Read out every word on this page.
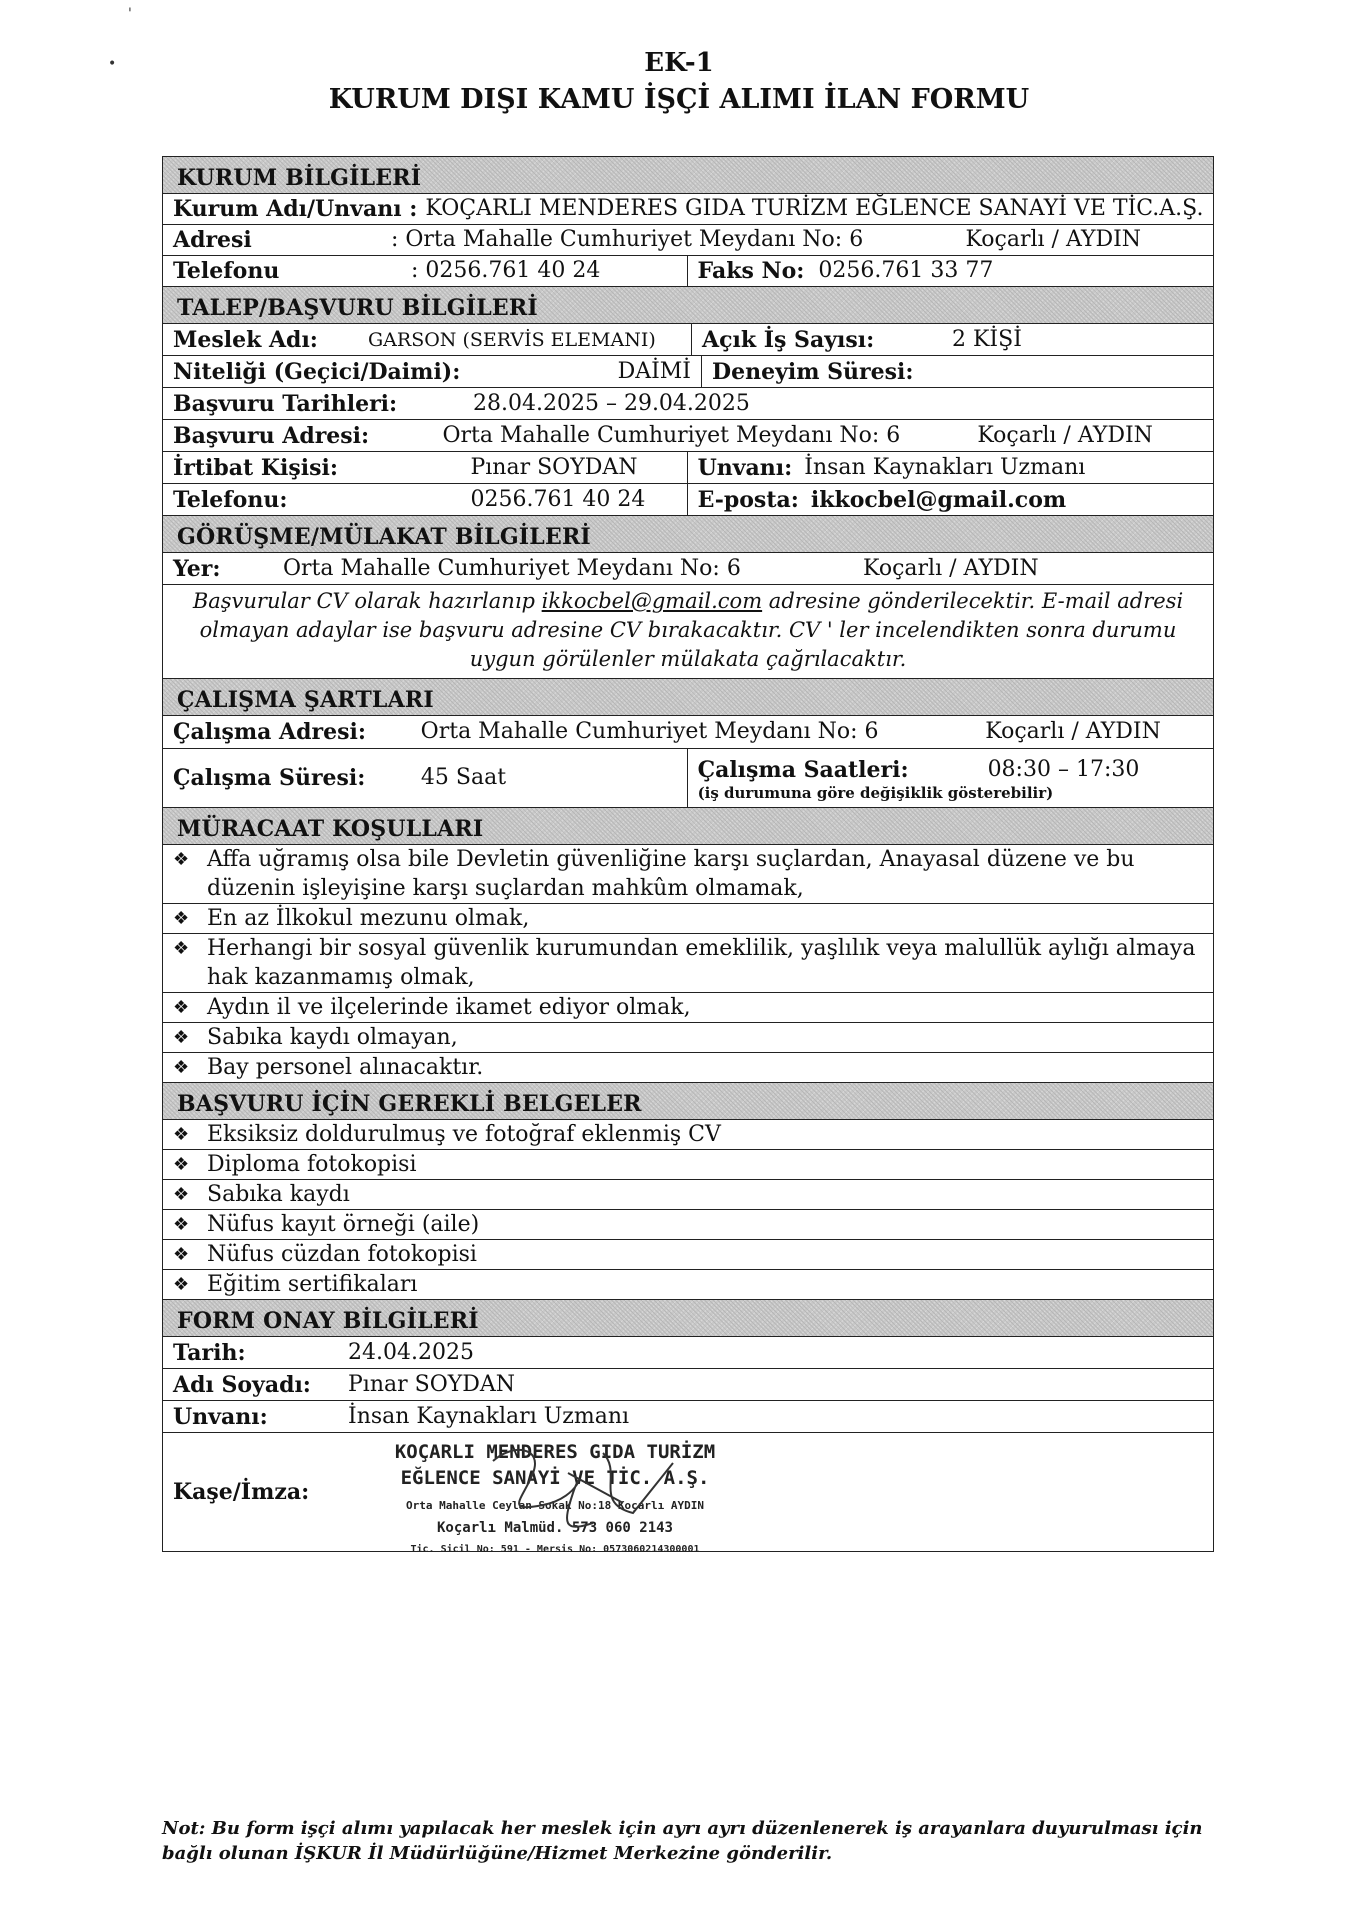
EK-1
KURUM DIŞI KAMU İŞÇİ ALIMI İLAN FORMU
KURUM BİLGİLERİ
Kurum Adı/Unvanı : KOÇARLI MENDERES GIDA TURİZM EĞLENCE SANAYİ VE TİC.A.Ş.
Adresi	: Orta Mahalle Cumhuriyet Meydanı No: 6	Koçarlı / AYDIN
Telefonu	: 0256.761 40 24	Faks No: 0256.761 33 77
TALEP/BAŞVURU BİLGİLERİ
Meslek Adı:	GARSON (SERVİS ELEMANI) Açık İş Sayısı:	2 KİŞİ
Niteliği (Geçici/Daimi):	DAİMİ Deneyim Süresi:
Başvuru Tarihleri:	28.04.2025 – 29.04.2025
Başvuru Adresi:	Orta Mahalle Cumhuriyet Meydanı No: 6	Koçarlı / AYDIN
İrtibat Kişisi:	Pınar SOYDAN	Unvanı: İnsan Kaynakları Uzmanı
Telefonu:	0256.761 40 24 E-posta: ikkocbel@gmail.com
GÖRÜŞME/MÜLAKAT BİLGİLERİ
Yer:	Orta Mahalle Cumhuriyet Meydanı No: 6	Koçarlı / AYDIN
Başvurular CV olarak hazırlanıp ikkocbel@gmail.com adresine gönderilecektir. E-mail adresi olmayan adaylar ise başvuru adresine CV bırakacaktır. CV ' ler incelendikten sonra durumu uygun görülenler mülakata çağrılacaktır.
ÇALIŞMA ŞARTLARI
Çalışma Adresi: Orta Mahalle Cumhuriyet Meydanı No: 6	Koçarlı / AYDIN
Çalışma Süresi:	45 Saat	Çalışma Saatleri:	08:30 – 17:30
(iş durumuna göre değişiklik gösterebilir)
MÜRACAAT KOŞULLARI
❖ Affa uğramış olsa bile Devletin güvenliğine karşı suçlardan, Anayasal düzene ve bu düzenin işleyişine karşı suçlardan mahkûm olmamak,
❖ En az İlkokul mezunu olmak,
❖ Herhangi bir sosyal güvenlik kurumundan emeklilik, yaşlılık veya malullük aylığı almaya hak kazanmamış olmak,
❖ Aydın il ve ilçelerinde ikamet ediyor olmak,
❖ Sabıka kaydı olmayan,
❖ Bay personel alınacaktır.
BAŞVURU İÇİN GEREKLİ BELGELER
❖ Eksiksiz doldurulmuş ve fotoğraf eklenmiş CV
❖ Diploma fotokopisi
❖ Sabıka kaydı
❖ Nüfus kayıt örneği (aile)
❖ Nüfus cüzdan fotokopisi
❖ Eğitim sertifikaları
FORM ONAY BİLGİLERİ
Tarih:	24.04.2025
Adı Soyadı: Pınar SOYDAN
Unvanı:	İnsan Kaynakları Uzmanı
Kaşe/İmza:
KOÇARLI MENDERES GIDA TURİZM
EĞLENCE SANAYİ VE TİC. A.Ş.
Orta Mahalle Ceylan Sokak No:18 Koçarlı AYDIN
Koçarlı Malmüd. 573 060 2143
Tic. Sicil No: 591 - Mersis No: 0573060214300001
Not: Bu form işçi alımı yapılacak her meslek için ayrı ayrı düzenlenerek iş arayanlara duyurulması için bağlı olunan İŞKUR İl Müdürlüğüne/Hizmet Merkezine gönderilir.
'
•
